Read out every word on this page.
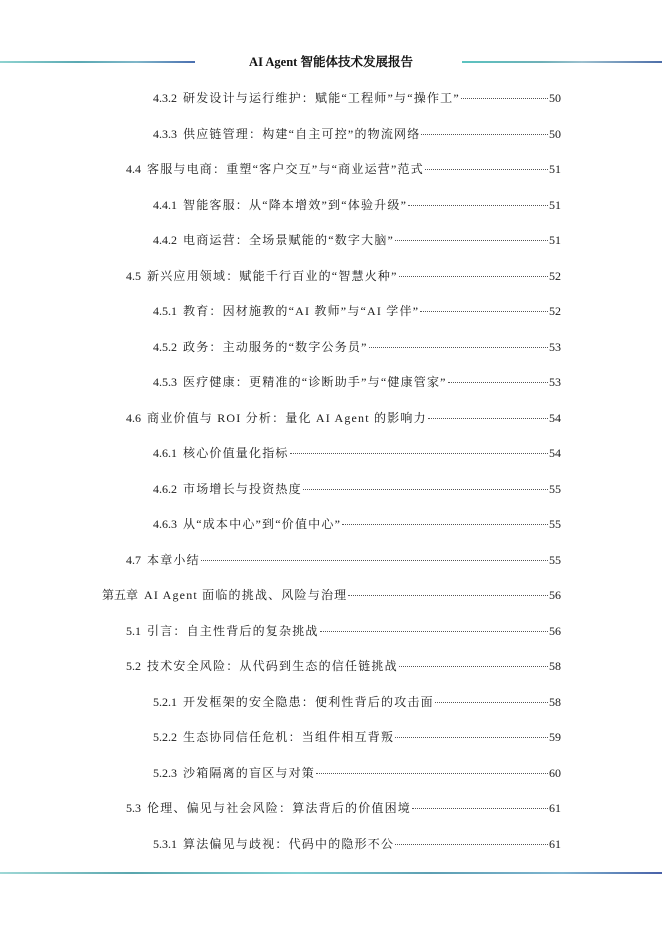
AI Agent 智能体技术发展报告
4.3.2 研发设计与运行维护：赋能“工程师”与“操作工”	50
4.3.3 供应链管理：构建“自主可控”的物流网络	50
4.4 客服与电商：重塑“客户交互”与“商业运营”范式	51
4.4.1 智能客服：从“降本增效”到“体验升级”	51
4.4.2 电商运营：全场景赋能的“数字大脑”	51
4.5 新兴应用领域：赋能千行百业的“智慧火种”	52
4.5.1 教育：因材施教的“AI 教师”与“AI 学伴”	52
4.5.2 政务：主动服务的“数字公务员”	53
4.5.3 医疗健康：更精准的“诊断助手”与“健康管家”	53
4.6 商业价值与 ROI 分析：量化 AI Agent 的影响力	54
4.6.1 核心价值量化指标	54
4.6.2 市场增长与投资热度	55
4.6.3 从“成本中心”到“价值中心”	55
4.7 本章小结	55
第五章 AI Agent 面临的挑战、风险与治理	56
5.1 引言：自主性背后的复杂挑战	56
5.2 技术安全风险：从代码到生态的信任链挑战	58
5.2.1 开发框架的安全隐患：便利性背后的攻击面	58
5.2.2 生态协同信任危机：当组件相互背叛	59
5.2.3 沙箱隔离的盲区与对策	60
5.3 伦理、偏见与社会风险：算法背后的价值困境	61
5.3.1 算法偏见与歧视：代码中的隐形不公	61
